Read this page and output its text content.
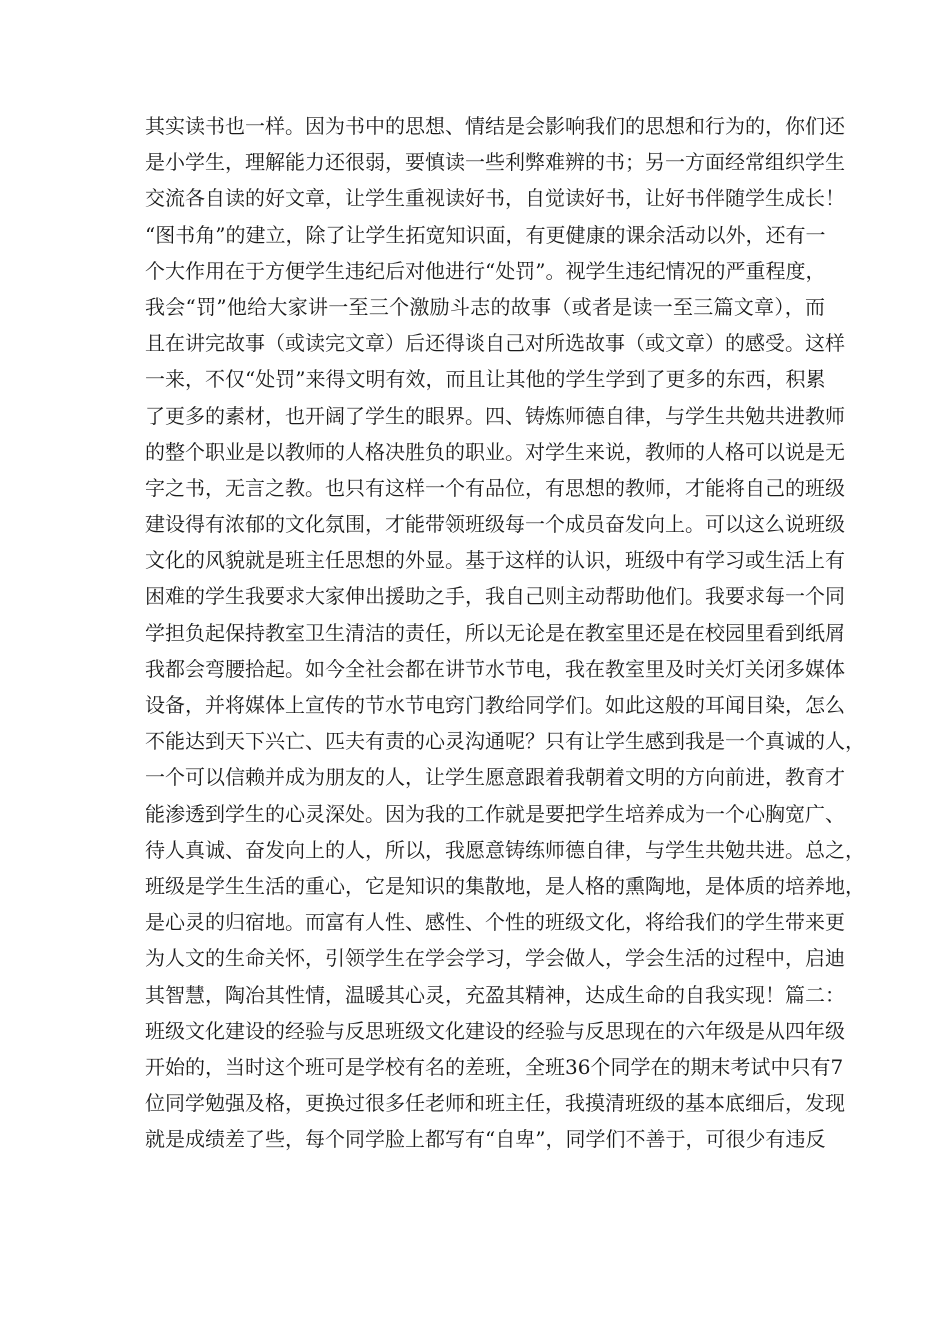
其实读书也一样。因为书中的思想、情结是会影响我们的思想和行为的，你们还
是小学生，理解能力还很弱，要慎读一些利弊难辨的书；另一方面经常组织学生
交流各自读的好文章，让学生重视读好书，自觉读好书，让好书伴随学生成长！
“图书角”的建立，除了让学生拓宽知识面，有更健康的课余活动以外，还有一
个大作用在于方便学生违纪后对他进行“处罚”。视学生违纪情况的严重程度，
我会“罚”他给大家讲一至三个激励斗志的故事（或者是读一至三篇文章），而
且在讲完故事（或读完文章）后还得谈自己对所选故事（或文章）的感受。这样
一来，不仅“处罚”来得文明有效，而且让其他的学生学到了更多的东西，积累
了更多的素材，也开阔了学生的眼界。四、铸炼师德自律，与学生共勉共进教师
的整个职业是以教师的人格决胜负的职业。对学生来说，教师的人格可以说是无
字之书，无言之教。也只有这样一个有品位，有思想的教师，才能将自己的班级
建设得有浓郁的文化氛围，才能带领班级每一个成员奋发向上。可以这么说班级
文化的风貌就是班主任思想的外显。基于这样的认识，班级中有学习或生活上有
困难的学生我要求大家伸出援助之手，我自己则主动帮助他们。我要求每一个同
学担负起保持教室卫生清洁的责任，所以无论是在教室里还是在校园里看到纸屑
我都会弯腰拾起。如今全社会都在讲节水节电，我在教室里及时关灯关闭多媒体
设备，并将媒体上宣传的节水节电窍门教给同学们。如此这般的耳闻目染，怎么
不能达到天下兴亡、匹夫有责的心灵沟通呢？只有让学生感到我是一个真诚的人，
一个可以信赖并成为朋友的人，让学生愿意跟着我朝着文明的方向前进，教育才
能渗透到学生的心灵深处。因为我的工作就是要把学生培养成为一个心胸宽广、
待人真诚、奋发向上的人，所以，我愿意铸练师德自律，与学生共勉共进。总之，
班级是学生生活的重心，它是知识的集散地，是人格的熏陶地，是体质的培养地，
是心灵的归宿地。而富有人性、感性、个性的班级文化，将给我们的学生带来更
为人文的生命关怀，引领学生在学会学习，学会做人，学会生活的过程中，启迪
其智慧，陶冶其性情，温暖其心灵，充盈其精神，达成生命的自我实现！篇二：
班级文化建设的经验与反思班级文化建设的经验与反思现在的六年级是从四年级
开始的，当时这个班可是学校有名的差班，全班36个同学在的期末考试中只有7
位同学勉强及格，更换过很多任老师和班主任，我摸清班级的基本底细后，发现
就是成绩差了些，每个同学脸上都写有“自卑”，同学们不善于，可很少有违反
